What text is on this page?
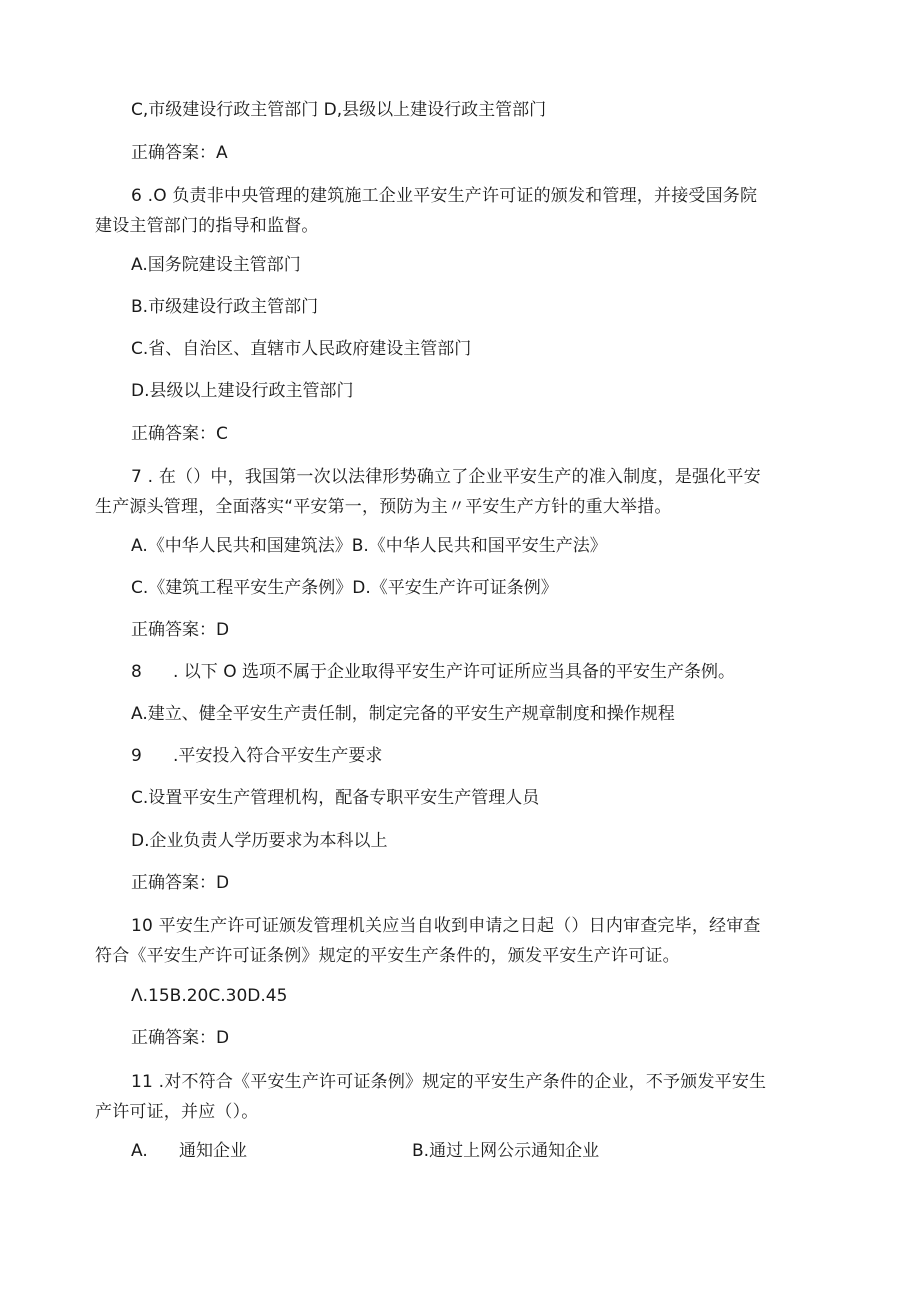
C,市级建设行政主管部门 D,县级以上建设行政主管部门
正确答案：A
6 .O 负责非中央管理的建筑施工企业平安生产许可证的颁发和管理，并接受国务院
建设主管部门的指导和监督。
A.国务院建设主管部门
B.市级建设行政主管部门
C.省、自治区、直辖市人民政府建设主管部门
D.县级以上建设行政主管部门
正确答案：C
7 . 在（）中，我国第一次以法律形势确立了企业平安生产的准入制度，是强化平安
生产源头管理，全面落实“平安第一，预防为主〃平安生产方针的重大举措。
A.《中华人民共和国建筑法》B.《中华人民共和国平安生产法》
C.《建筑工程平安生产条例》D.《平安生产许可证条例》
正确答案：D
8 . 以下 O 选项不属于企业取得平安生产许可证所应当具备的平安生产条例。
A.建立、健全平安生产责任制，制定完备的平安生产规章制度和操作规程
9 .平安投入符合平安生产要求
C.设置平安生产管理机构，配备专职平安生产管理人员
D.企业负责人学历要求为本科以上
正确答案：D
10 平安生产许可证颁发管理机关应当自收到申请之日起（）日内审查完毕，经审查
符合《平安生产许可证条例》规定的平安生产条件的，颁发平安生产许可证。
Λ.15B.20C.30D.45
正确答案：D
11 .对不符合《平安生产许可证条例》规定的平安生产条件的企业，不予颁发平安生
产许可证，并应（）。
A. 通知企业	B.通过上网公示通知企业
